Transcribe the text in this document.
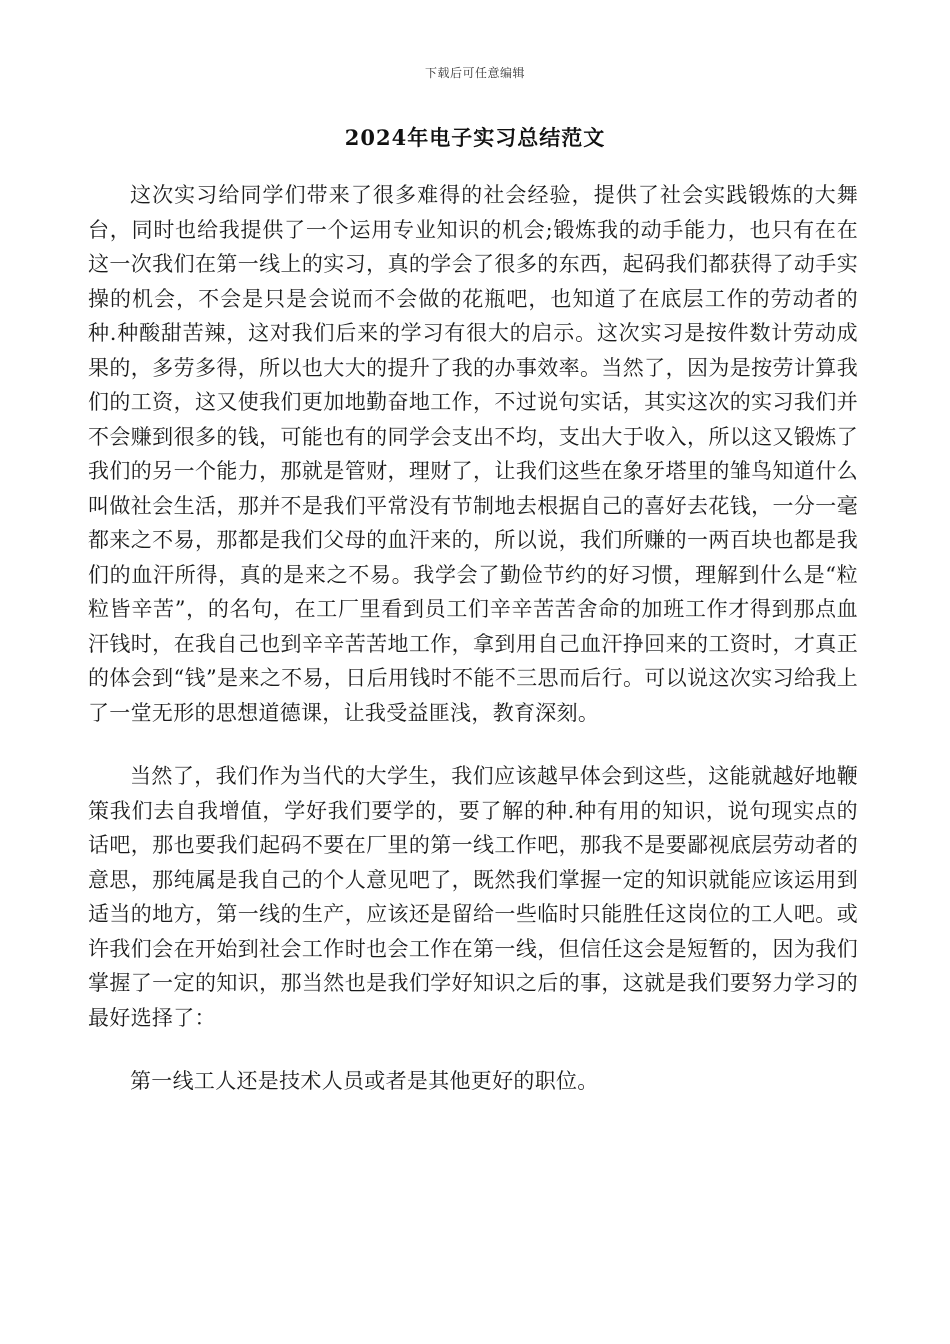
下载后可任意编辑
2024年电子实习总结范文

这次实习给同学们带来了很多难得的社会经验，提供了社会实践锻炼的大舞台，同时也给我提供了一个运用专业知识的机会;锻炼我的动手能力，也只有在在这一次我们在第一线上的实习，真的学会了很多的东西，起码我们都获得了动手实操的机会，不会是只是会说而不会做的花瓶吧，也知道了在底层工作的劳动者的种.种酸甜苦辣，这对我们后来的学习有很大的启示。这次实习是按件数计劳动成果的，多劳多得，所以也大大的提升了我的办事效率。当然了，因为是按劳计算我们的工资，这又使我们更加地勤奋地工作，不过说句实话，其实这次的实习我们并不会赚到很多的钱，可能也有的同学会支出不均，支出大于收入，所以这又锻炼了我们的另一个能力，那就是管财，理财了，让我们这些在象牙塔里的雏鸟知道什么叫做社会生活，那并不是我们平常没有节制地去根据自己的喜好去花钱，一分一毫都来之不易，那都是我们父母的血汗来的，所以说，我们所赚的一两百块也都是我们的血汗所得，真的是来之不易。我学会了勤俭节约的好习惯，理解到什么是“粒粒皆辛苦”，的名句，在工厂里看到员工们辛辛苦苦舍命的加班工作才得到那点血汗钱时，在我自己也到辛辛苦苦地工作，拿到用自己血汗挣回来的工资时，才真正的体会到“钱”是来之不易，日后用钱时不能不三思而后行。可以说这次实习给我上了一堂无形的思想道德课，让我受益匪浅，教育深刻。

当然了，我们作为当代的大学生，我们应该越早体会到这些，这能就越好地鞭策我们去自我增值，学好我们要学的，要了解的种.种有用的知识，说句现实点的话吧，那也要我们起码不要在厂里的第一线工作吧，那我不是要鄙视底层劳动者的意思，那纯属是我自己的个人意见吧了，既然我们掌握一定的知识就能应该运用到适当的地方，第一线的生产，应该还是留给一些临时只能胜任这岗位的工人吧。或许我们会在开始到社会工作时也会工作在第一线，但信任这会是短暂的，因为我们掌握了一定的知识，那当然也是我们学好知识之后的事，这就是我们要努力学习的最好选择了：

第一线工人还是技术人员或者是其他更好的职位。
